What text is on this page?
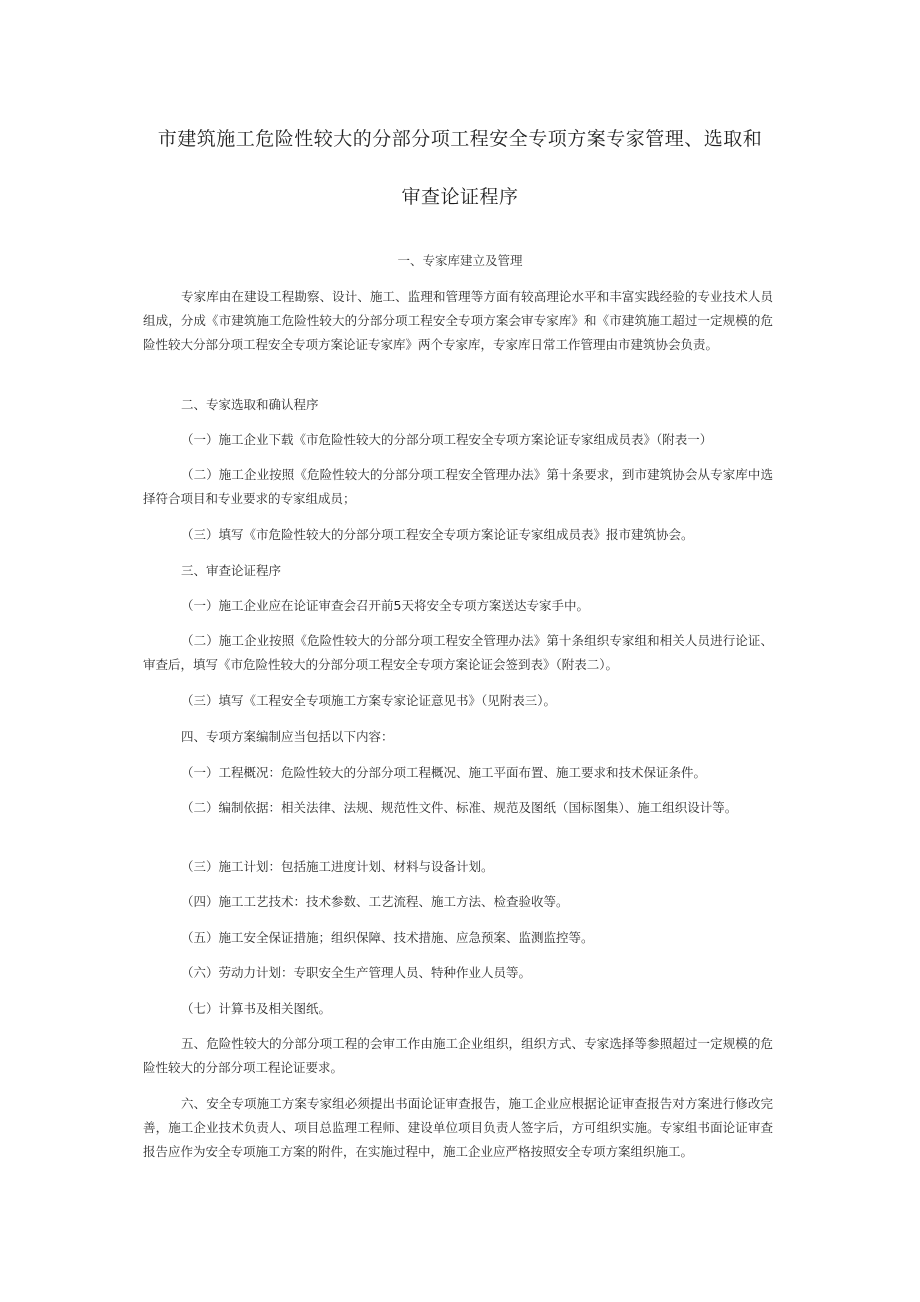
市建筑施工危险性较大的分部分项工程安全专项方案专家管理、选取和
审查论证程序

一、专家库建立及管理

专家库由在建设工程勘察、设计、施工、监理和管理等方面有较高理论水平和丰富实践经验的专业技术人员组成，分成《市建筑施工危险性较大的分部分项工程安全专项方案会审专家库》和《市建筑施工超过一定规模的危险性较大分部分项工程安全专项方案论证专家库》两个专家库，专家库日常工作管理由市建筑协会负责。

二、专家选取和确认程序

（一）施工企业下载《市危险性较大的分部分项工程安全专项方案论证专家组成员表》（附表一）

（二）施工企业按照《危险性较大的分部分项工程安全管理办法》第十条要求，到市建筑协会从专家库中选择符合项目和专业要求的专家组成员；

（三）填写《市危险性较大的分部分项工程安全专项方案论证专家组成员表》报市建筑协会。

三、审查论证程序

（一）施工企业应在论证审查会召开前5天将安全专项方案送达专家手中。

（二）施工企业按照《危险性较大的分部分项工程安全管理办法》第十条组织专家组和相关人员进行论证、审查后，填写《市危险性较大的分部分项工程安全专项方案论证会签到表》（附表二）。

（三）填写《工程安全专项施工方案专家论证意见书》（见附表三）。

四、专项方案编制应当包括以下内容：

（一）工程概况：危险性较大的分部分项工程概况、施工平面布置、施工要求和技术保证条件。

（二）编制依据：相关法律、法规、规范性文件、标准、规范及图纸（国标图集）、施工组织设计等。

（三）施工计划：包括施工进度计划、材料与设备计划。

（四）施工工艺技术：技术参数、工艺流程、施工方法、检查验收等。

（五）施工安全保证措施；组织保障、技术措施、应急预案、监测监控等。

（六）劳动力计划：专职安全生产管理人员、特种作业人员等。

（七）计算书及相关图纸。

五、危险性较大的分部分项工程的会审工作由施工企业组织，组织方式、专家选择等参照超过一定规模的危险性较大的分部分项工程论证要求。

六、安全专项施工方案专家组必须提出书面论证审查报告，施工企业应根据论证审查报告对方案进行修改完善，施工企业技术负责人、项目总监理工程师、建设单位项目负责人签字后，方可组织实施。专家组书面论证审查报告应作为安全专项施工方案的附件，在实施过程中，施工企业应严格按照安全专项方案组织施工。
